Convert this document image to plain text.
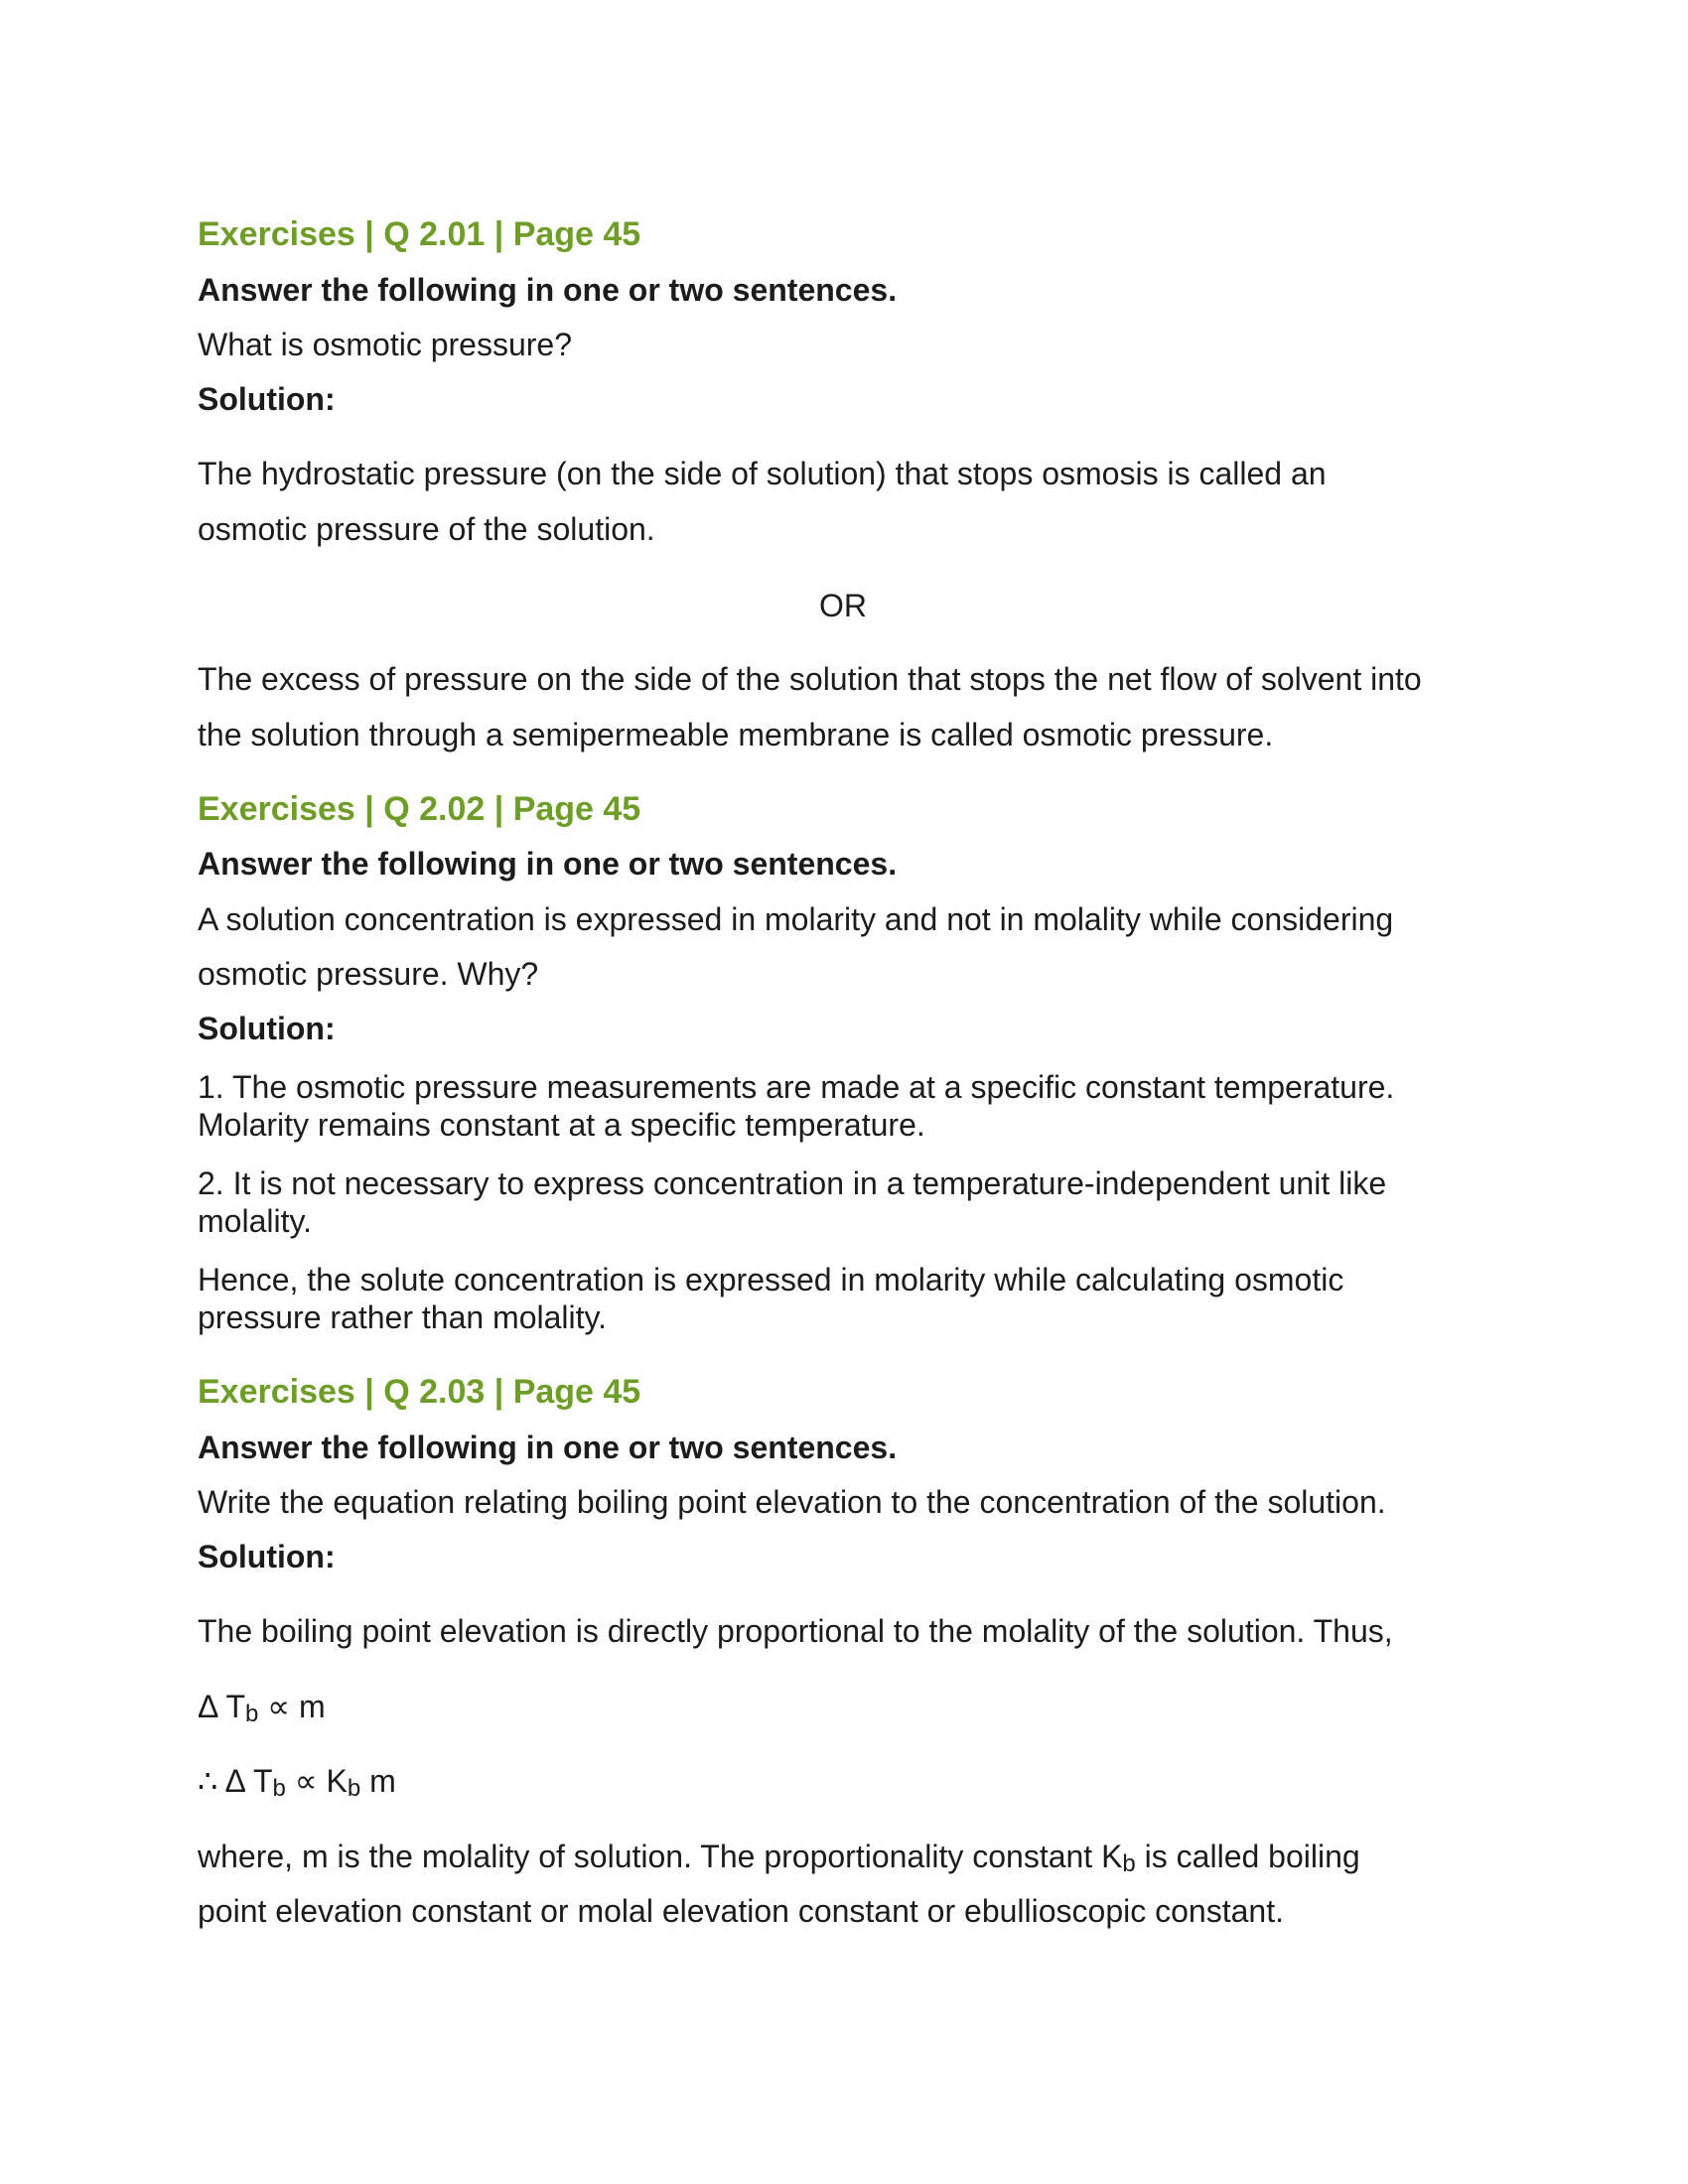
Exercises | Q 2.01 | Page 45
Answer the following in one or two sentences.
What is osmotic pressure?
Solution:
The hydrostatic pressure (on the side of solution) that stops osmosis is called an
osmotic pressure of the solution.
OR
The excess of pressure on the side of the solution that stops the net flow of solvent into
the solution through a semipermeable membrane is called osmotic pressure.
Exercises | Q 2.02 | Page 45
Answer the following in one or two sentences.
A solution concentration is expressed in molarity and not in molality while considering
osmotic pressure. Why?
Solution:
1. The osmotic pressure measurements are made at a specific constant temperature.
Molarity remains constant at a specific temperature.
2. It is not necessary to express concentration in a temperature-independent unit like
molality.
Hence, the solute concentration is expressed in molarity while calculating osmotic
pressure rather than molality.
Exercises | Q 2.03 | Page 45
Answer the following in one or two sentences.
Write the equation relating boiling point elevation to the concentration of the solution.
Solution:
The boiling point elevation is directly proportional to the molality of the solution. Thus,
Δ $T_b \propto m$
∴ Δ $T_b \propto K_b$ m
where, m is the molality of solution. The proportionality constant $K_b$ is called boiling
point elevation constant or molal elevation constant or ebullioscopic constant.
